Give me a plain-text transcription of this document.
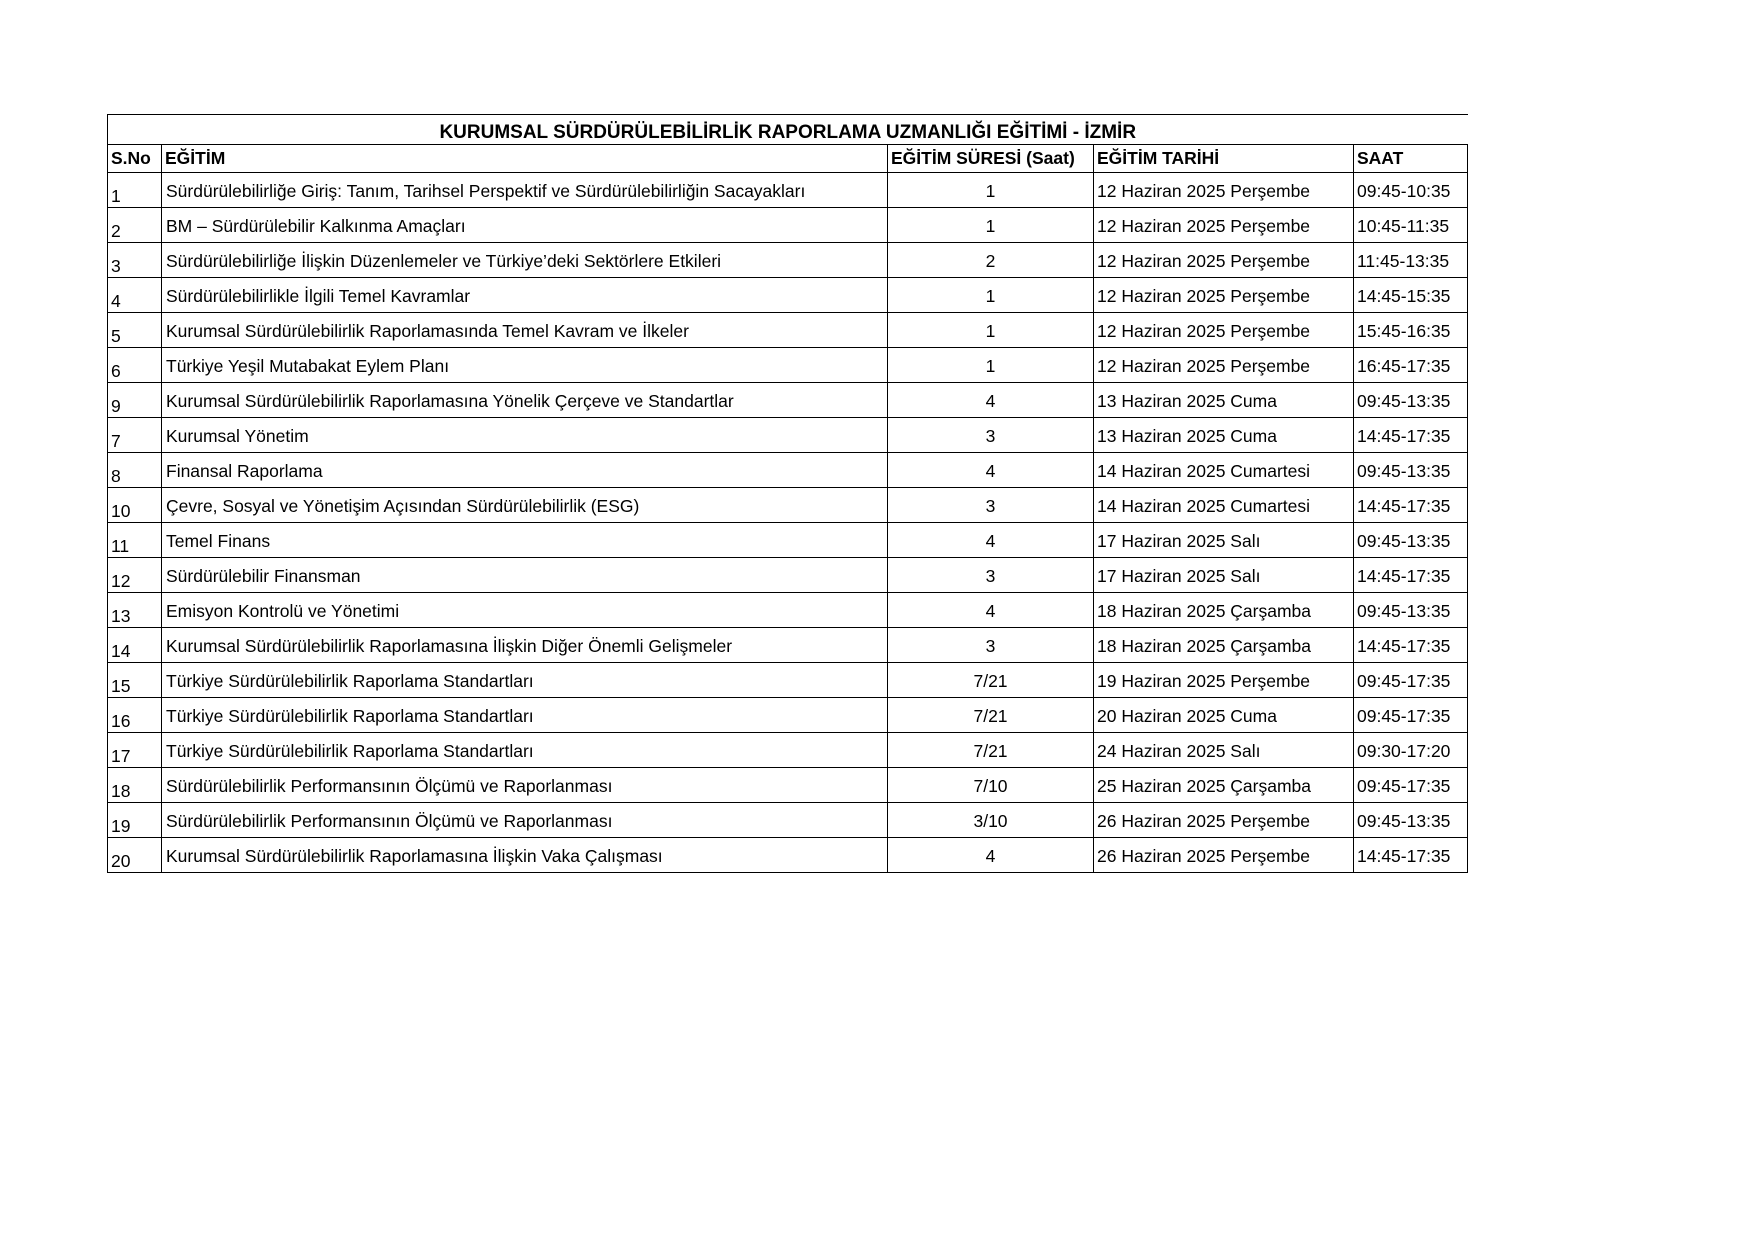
KURUMSAL SÜRDÜRÜLEBİLİRLİK RAPORLAMA UZMANLIĞI EĞİTİMİ - İZMİR				
S.No	EĞİTİM	EĞİTİM SÜRESİ (Saat)	EĞİTİM TARİHİ	SAAT
1	Sürdürülebilirliğe Giriş: Tanım, Tarihsel Perspektif ve Sürdürülebilirliğin Sacayakları	1	12 Haziran 2025 Perşembe	09:45-10:35
2	BM – Sürdürülebilir Kalkınma Amaçları	1	12 Haziran 2025 Perşembe	10:45-11:35
3	Sürdürülebilirliğe İlişkin Düzenlemeler ve Türkiye’deki Sektörlere Etkileri	2	12 Haziran 2025 Perşembe	11:45-13:35
4	Sürdürülebilirlikle İlgili Temel Kavramlar	1	12 Haziran 2025 Perşembe	14:45-15:35
5	Kurumsal Sürdürülebilirlik Raporlamasında Temel Kavram ve İlkeler	1	12 Haziran 2025 Perşembe	15:45-16:35
6	Türkiye Yeşil Mutabakat Eylem Planı	1	12 Haziran 2025 Perşembe	16:45-17:35
9	Kurumsal Sürdürülebilirlik Raporlamasına Yönelik Çerçeve ve Standartlar	4	13 Haziran 2025 Cuma	09:45-13:35
7	Kurumsal Yönetim	3	13 Haziran 2025 Cuma	14:45-17:35
8	Finansal Raporlama	4	14 Haziran 2025 Cumartesi	09:45-13:35
10	Çevre, Sosyal ve Yönetişim Açısından Sürdürülebilirlik (ESG)	3	14 Haziran 2025 Cumartesi	14:45-17:35
11	Temel Finans	4	17 Haziran 2025 Salı	09:45-13:35
12	Sürdürülebilir Finansman	3	17 Haziran 2025 Salı	14:45-17:35
13	Emisyon Kontrolü ve Yönetimi	4	18 Haziran 2025 Çarşamba	09:45-13:35
14	Kurumsal Sürdürülebilirlik Raporlamasına İlişkin Diğer Önemli Gelişmeler	3	18 Haziran 2025 Çarşamba	14:45-17:35
15	Türkiye Sürdürülebilirlik Raporlama Standartları	7/21	19 Haziran 2025 Perşembe	09:45-17:35
16	Türkiye Sürdürülebilirlik Raporlama Standartları	7/21	20 Haziran 2025 Cuma	09:45-17:35
17	Türkiye Sürdürülebilirlik Raporlama Standartları	7/21	24 Haziran 2025 Salı	09:30-17:20
18	Sürdürülebilirlik Performansının Ölçümü ve Raporlanması	7/10	25 Haziran 2025 Çarşamba	09:45-17:35
19	Sürdürülebilirlik Performansının Ölçümü ve Raporlanması	3/10	26 Haziran 2025 Perşembe	09:45-13:35
20	Kurumsal Sürdürülebilirlik Raporlamasına İlişkin Vaka Çalışması	4	26 Haziran 2025 Perşembe	14:45-17:35
